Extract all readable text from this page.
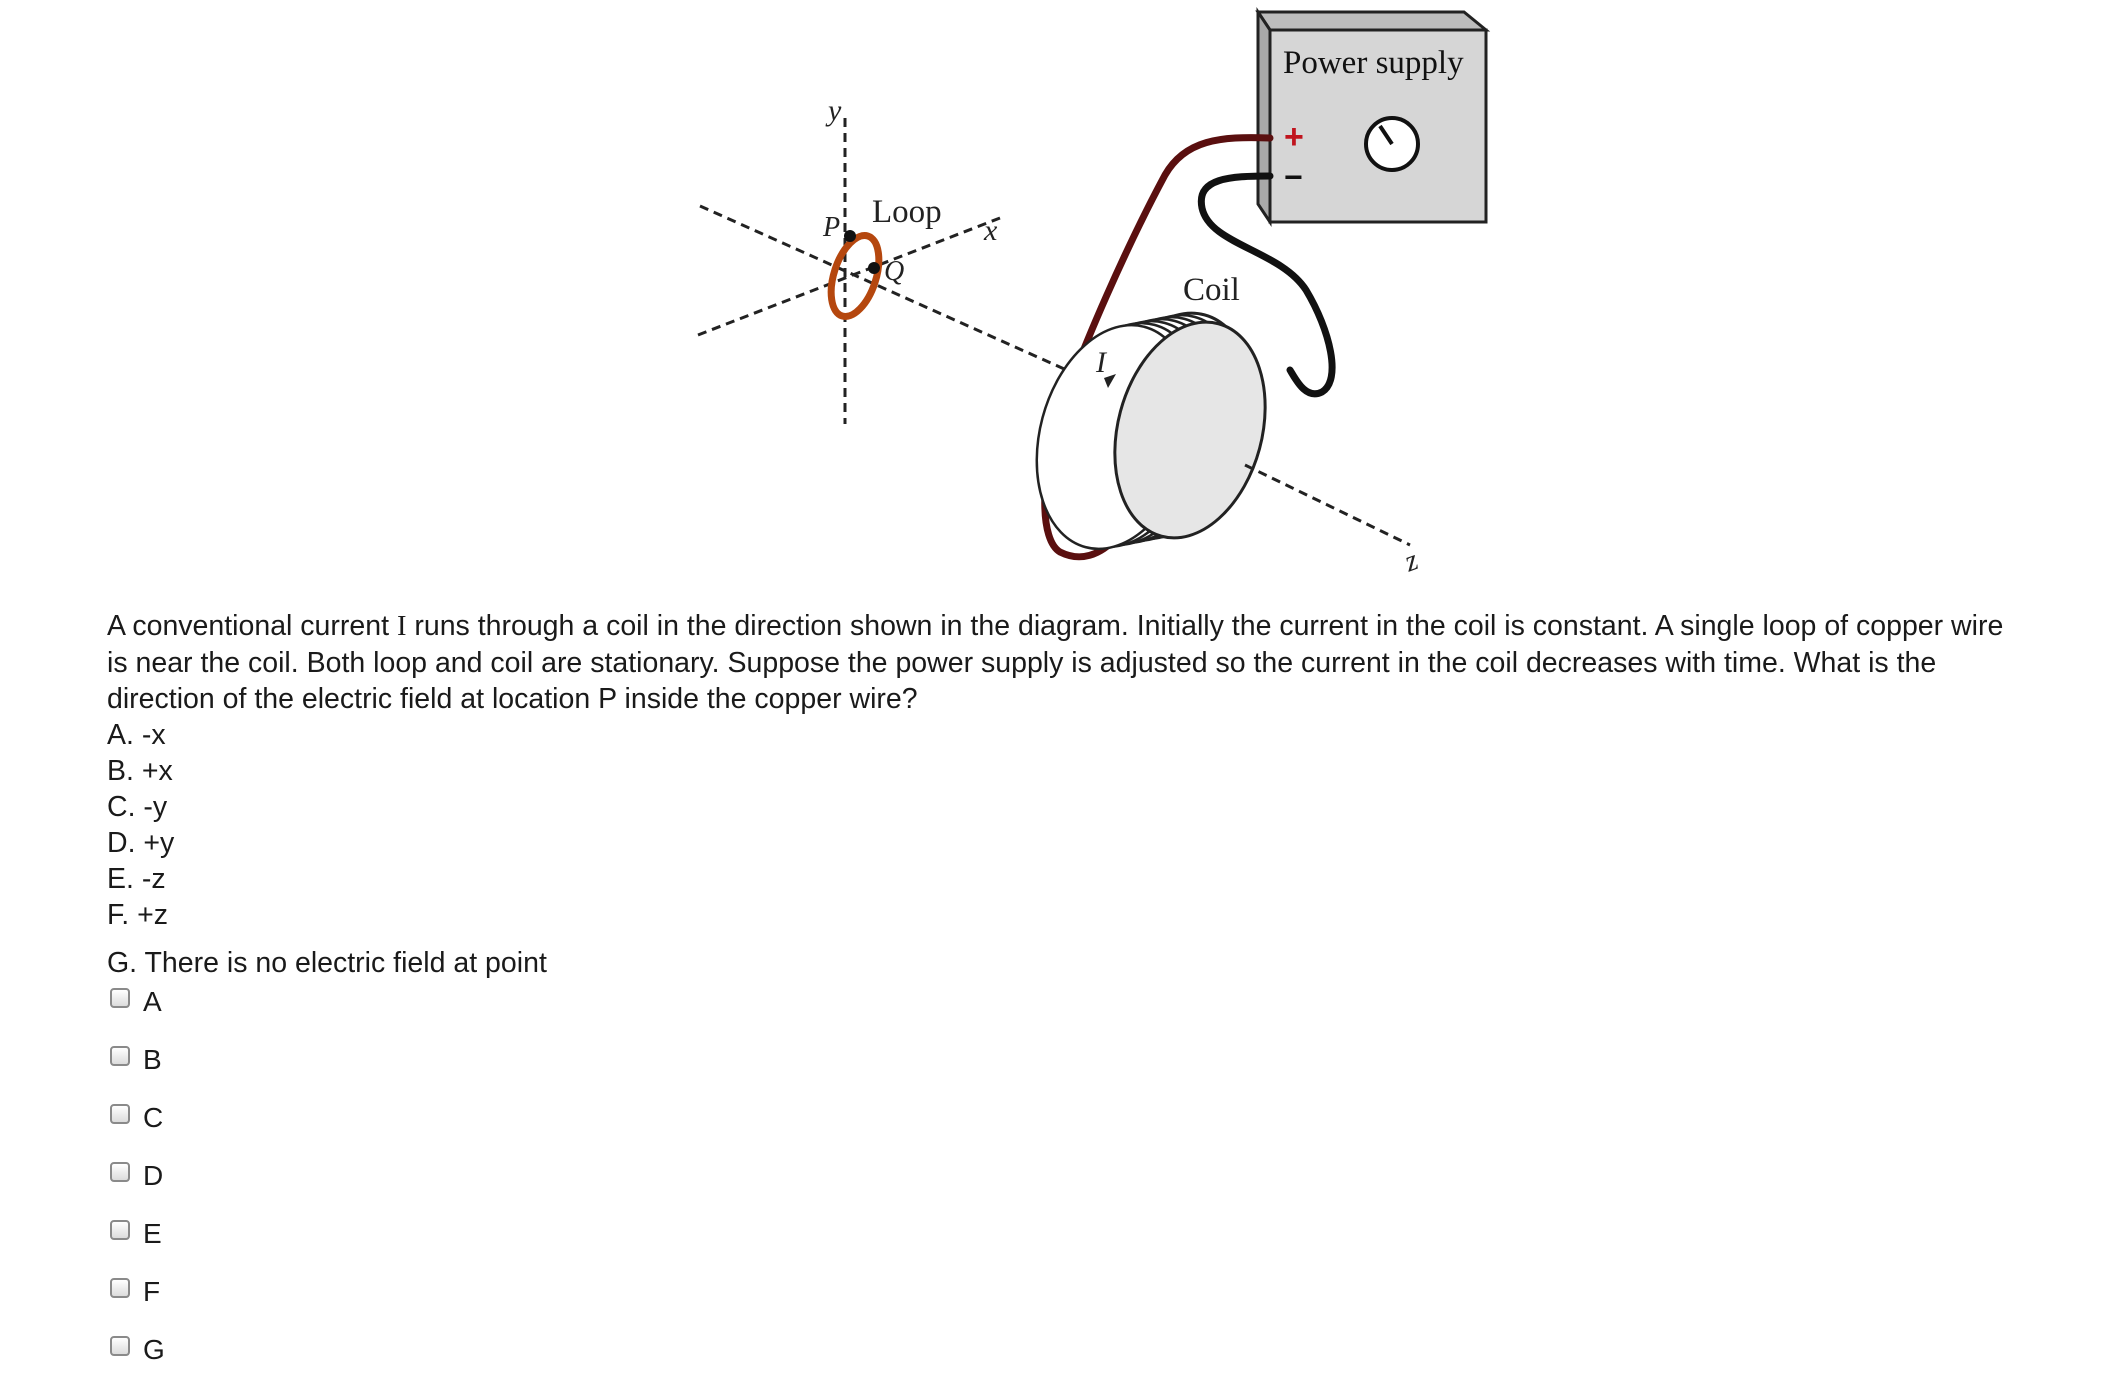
y
Loop
x
P
Q
Power supply
+
−
Coil
I
z

A conventional current I runs through a coil in the direction shown in the diagram. Initially the current in the coil is constant. A single loop of copper wire is near the coil. Both loop and coil are stationary. Suppose the power supply is adjusted so the current in the coil decreases with time. What is the direction of the electric field at location P inside the copper wire?

A. -x

B. +x

C. -y

D. +y

E. -z

F. +z

G. There is no electric field at point

A
B
C
D
E
F
G
